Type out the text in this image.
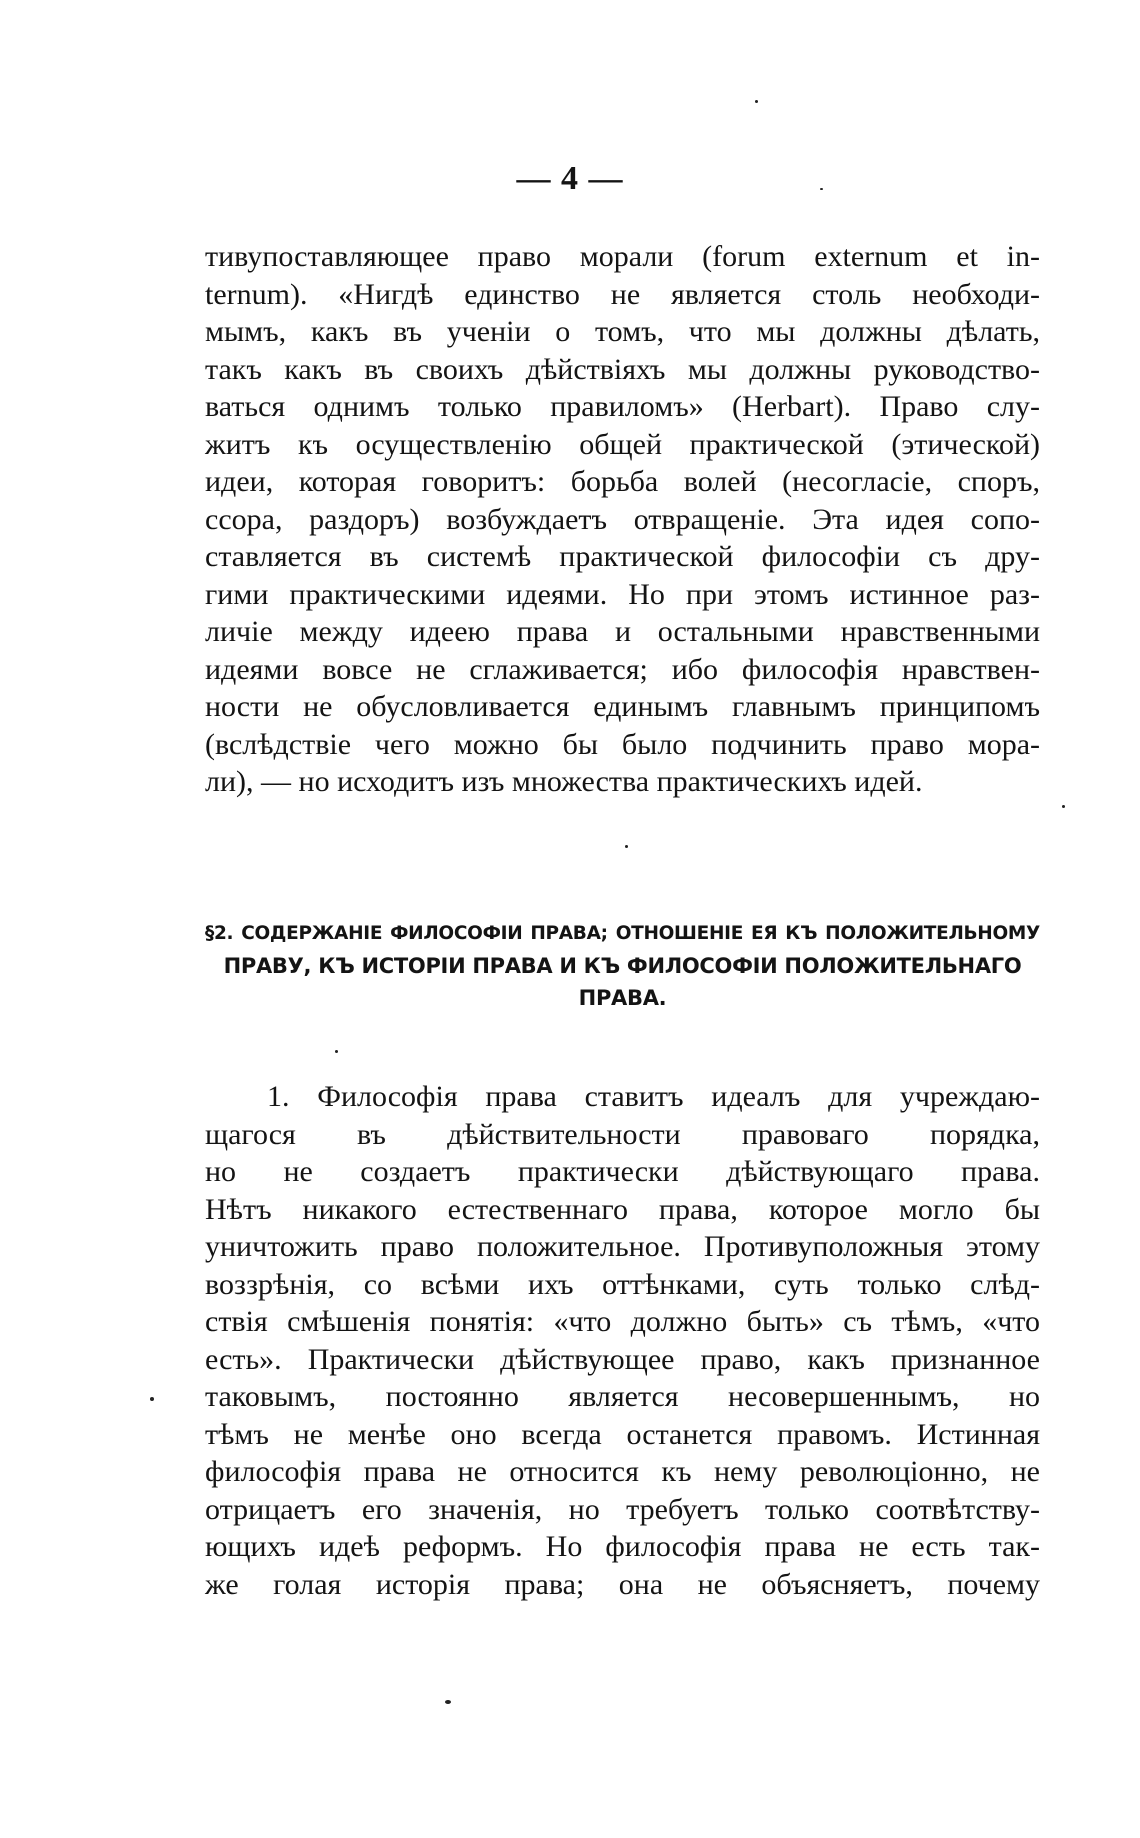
— 4 —
тивупоставляющее право морали (forum externum et in-
ternum). «Нигдѣ единство не является столь необходи-
мымъ, какъ въ ученіи о томъ, что мы должны дѣлать,
такъ какъ въ своихъ дѣйствіяхъ мы должны руководство-
ваться однимъ только правиломъ» (Herbart). Право слу-
житъ къ осуществленію общей практической (этической)
идеи, которая говоритъ: борьба волей (несогласіе, споръ,
ссора, раздоръ) возбуждаетъ отвращеніе. Эта идея сопо-
ставляется въ системѣ практической философіи съ дру-
гими практическими идеями. Но при этомъ истинное раз-
личіе между идеею права и остальными нравственными
идеями вовсе не сглаживается; ибо философія нравствен-
ности не обусловливается единымъ главнымъ принципомъ
(вслѣдствіе чего можно бы было подчинить право мора-
ли), — но исходитъ изъ множества практическихъ идей.
§2. СОДЕРЖАНІЕ ФИЛОСОФІИ ПРАВА; ОТНОШЕНІЕ ЕЯ КЪ ПОЛОЖИТЕЛЬНОМУ
ПРАВУ, КЪ ИСТОРІИ ПРАВА И КЪ ФИЛОСОФІИ ПОЛОЖИТЕЛЬНАГО
ПРАВА.
1. Философія права ставитъ идеалъ для учреждаю-
щагося въ дѣйствительности правоваго порядка,
но не создаетъ практически дѣйствующаго права.
Нѣтъ никакого естественнаго права, которое могло бы
уничтожить право положительное. Противуположныя этому
воззрѣнія, со всѣми ихъ оттѣнками, суть только слѣд-
ствія смѣшенія понятія: «что должно быть» съ тѣмъ, «что
есть». Практически дѣйствующее право, какъ признанное
таковымъ, постоянно является несовершеннымъ, но
тѣмъ не менѣе оно всегда останется правомъ. Истинная
философія права не относится къ нему революціонно, не
отрицаетъ его значенія, но требуетъ только соотвѣтству-
ющихъ идеѣ реформъ. Но философія права не есть так-
же голая исторія права; она не объясняетъ, почему
